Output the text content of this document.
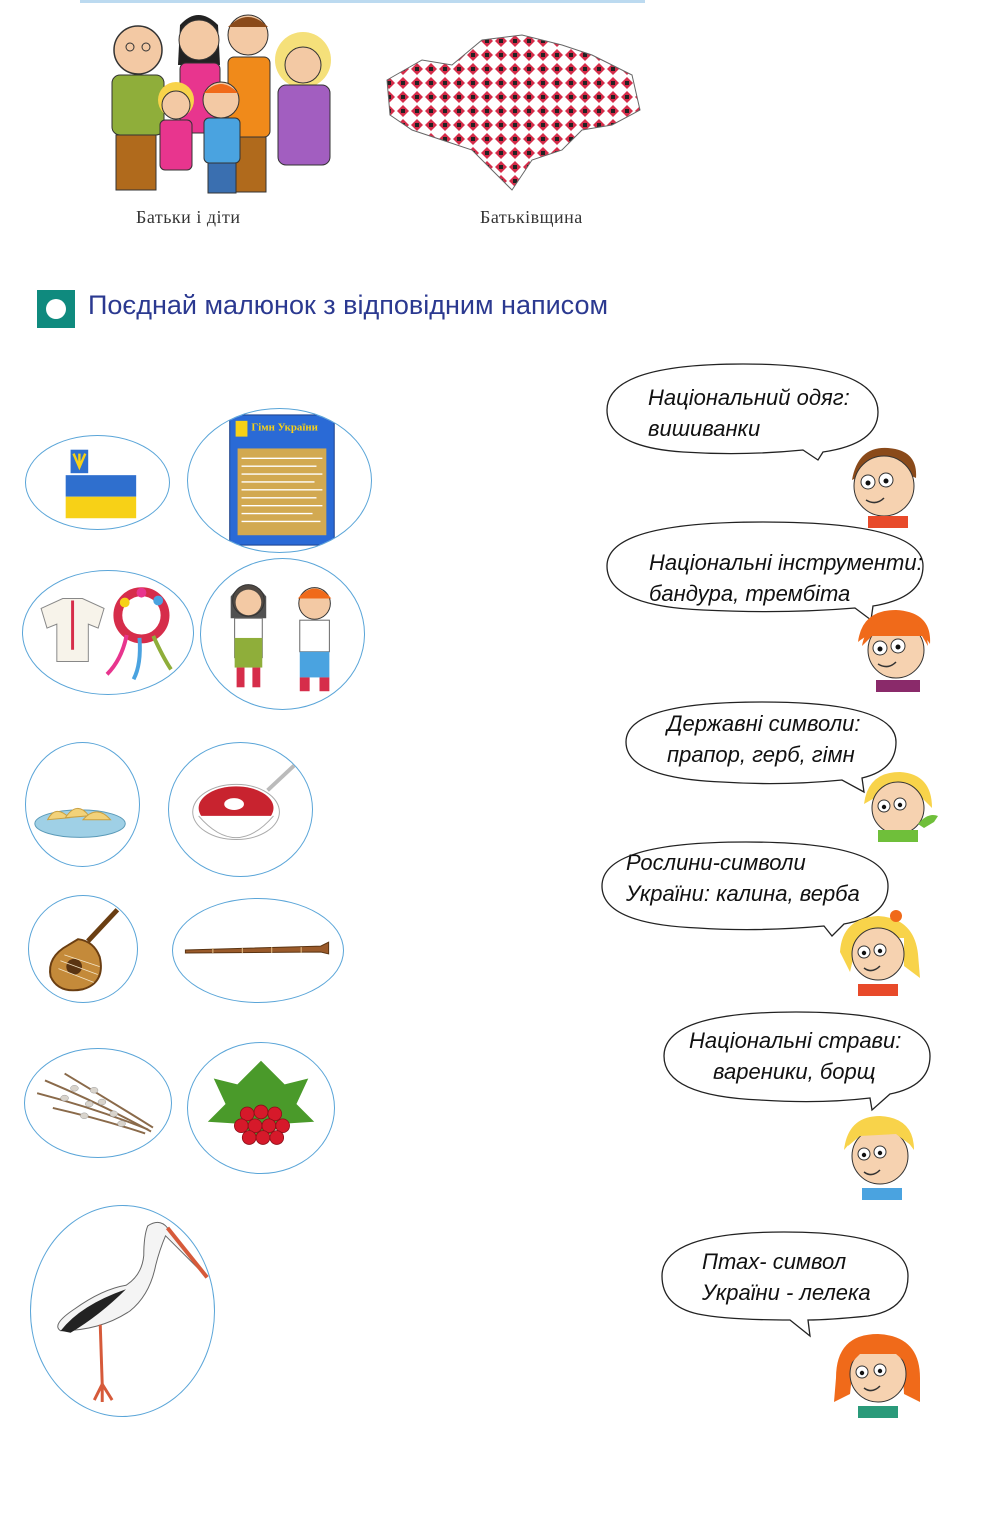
Батьки і діти	Батьківщина
Поєднай малюнок з відповідним написом
Гімн України
Національний одяг:
вишиванки
Національні інструменти:
бандура, трембіта
Державні символи:
прапор, герб, гімн
Рослини-символи
України: калина, верба
Національні страви:
вареники, борщ
Птах- символ
України - лелека
